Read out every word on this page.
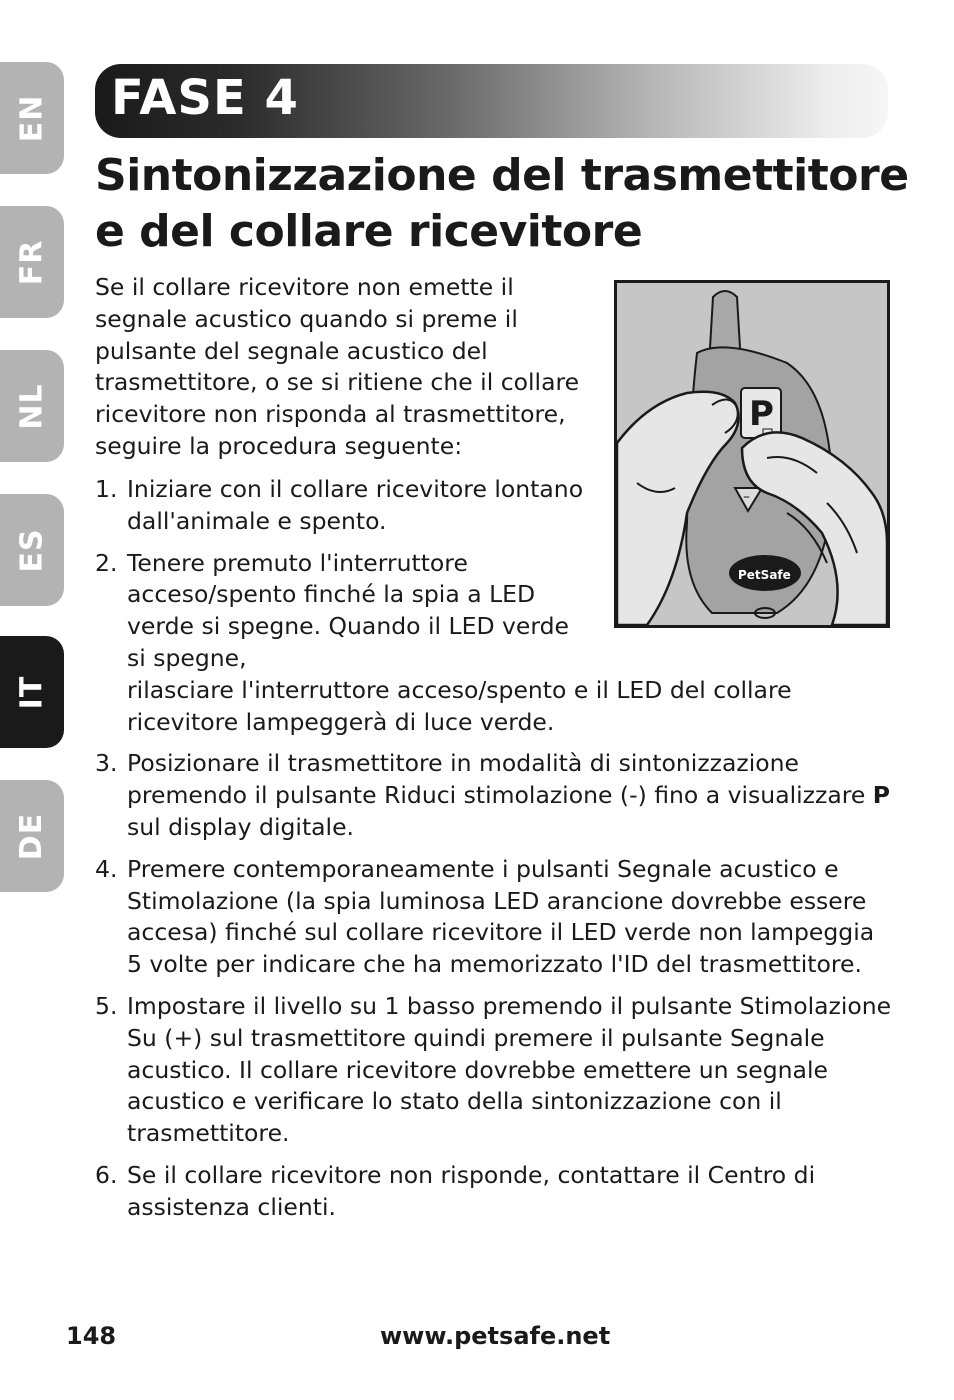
EN
FR
NL
ES
IT
DE
FASE 4
Sintonizzazione del trasmettitore
e del collare ricevitore

Se il collare ricevitore non emette il segnale acustico quando si preme il pulsante del segnale acustico del trasmettitore, o se si ritiene che il collare ricevitore non risponda al trasmettitore, seguire la procedura seguente:

P
–
PetSafe
1. Iniziare con il collare ricevitore lontano dall'animale e spento.
2. Tenere premuto l'interruttore acceso/spento finché la spia a LED verde si spegne. Quando il LED verde si spegne,
rilasciare l'interruttore acceso/spento e il LED del collare ricevitore lampeggerà di luce verde.
3. Posizionare il trasmettitore in modalità di sintonizzazione premendo il pulsante Riduci stimolazione (-) fino a visualizzare P sul display digitale.
4. Premere contemporaneamente i pulsanti Segnale acustico e Stimolazione (la spia luminosa LED arancione dovrebbe essere accesa) finché sul collare ricevitore il LED verde non lampeggia 5 volte per indicare che ha memorizzato l'ID del trasmettitore.
5. Impostare il livello su 1 basso premendo il pulsante Stimolazione Su (+) sul trasmettitore quindi premere il pulsante Segnale acustico. Il collare ricevitore dovrebbe emettere un segnale acustico e verificare lo stato della sintonizzazione con il trasmettitore.
6. Se il collare ricevitore non risponde, contattare il Centro di assistenza clienti.
148	www.petsafe.net
